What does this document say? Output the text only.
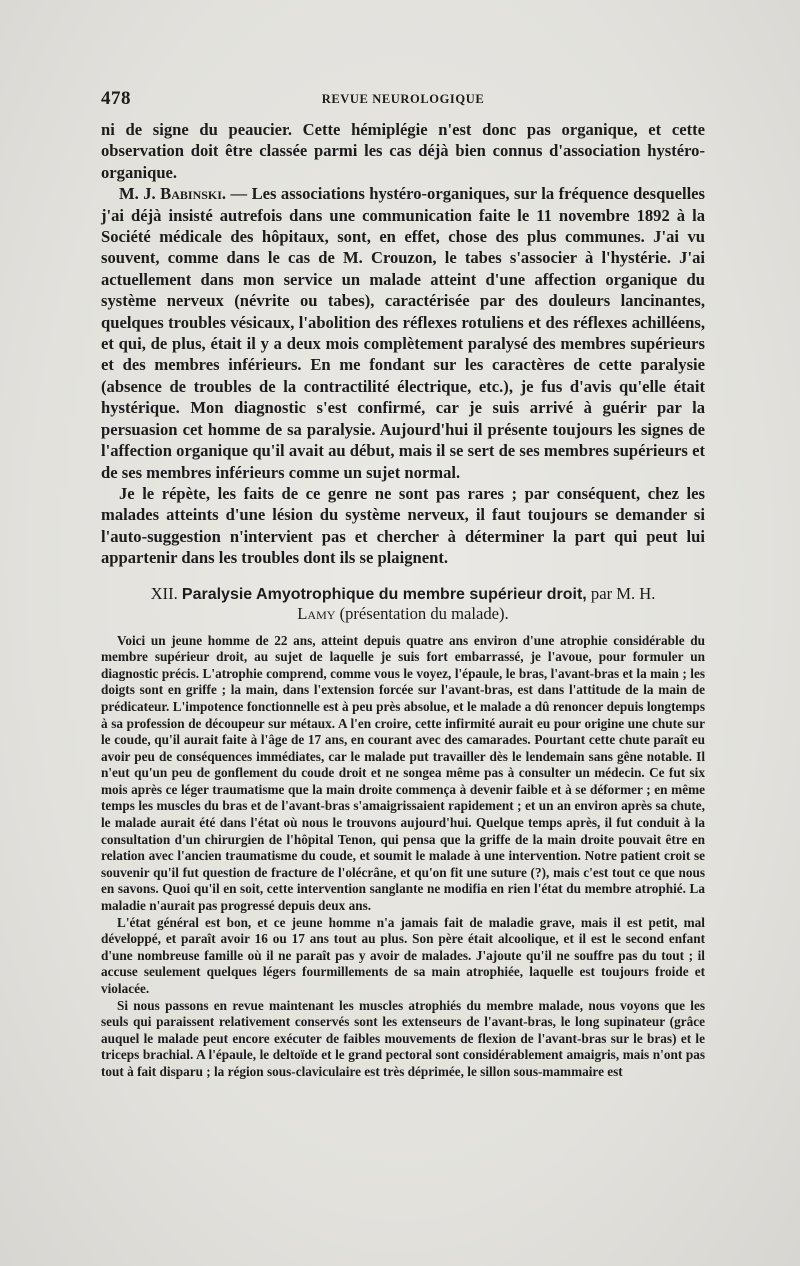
478	REVUE NEUROLOGIQUE

ni de signe du peaucier. Cette hémiplégie n'est donc pas organique, et cette observation doit être classée parmi les cas déjà bien connus d'association hystéro-organique.

M. J. Babinski. — Les associations hystéro-organiques, sur la fréquence desquelles j'ai déjà insisté autrefois dans une communication faite le 11 novembre 1892 à la Société médicale des hôpitaux, sont, en effet, chose des plus communes. J'ai vu souvent, comme dans le cas de M. Crouzon, le tabes s'associer à l'hystérie. J'ai actuellement dans mon service un malade atteint d'une affection organique du système nerveux (névrite ou tabes), caractérisée par des douleurs lancinantes, quelques troubles vésicaux, l'abolition des réflexes rotuliens et des réflexes achilléens, et qui, de plus, était il y a deux mois complètement paralysé des membres supérieurs et des membres inférieurs. En me fondant sur les caractères de cette paralysie (absence de troubles de la contractilité électrique, etc.), je fus d'avis qu'elle était hystérique. Mon diagnostic s'est confirmé, car je suis arrivé à guérir par la persuasion cet homme de sa paralysie. Aujourd'hui il présente toujours les signes de l'affection organique qu'il avait au début, mais il se sert de ses membres supérieurs et de ses membres inférieurs comme un sujet normal.

Je le répète, les faits de ce genre ne sont pas rares ; par conséquent, chez les malades atteints d'une lésion du système nerveux, il faut toujours se demander si l'auto-suggestion n'intervient pas et chercher à déterminer la part qui peut lui appartenir dans les troubles dont ils se plaignent.

XII. Paralysie Amyotrophique du membre supérieur droit, par M. H.
Lamy (présentation du malade).

Voici un jeune homme de 22 ans, atteint depuis quatre ans environ d'une atrophie considérable du membre supérieur droit, au sujet de laquelle je suis fort embarrassé, je l'avoue, pour formuler un diagnostic précis. L'atrophie comprend, comme vous le voyez, l'épaule, le bras, l'avant-bras et la main ; les doigts sont en griffe ; la main, dans l'extension forcée sur l'avant-bras, est dans l'attitude de la main de prédicateur. L'impotence fonctionnelle est à peu près absolue, et le malade a dû renoncer depuis longtemps à sa profession de découpeur sur métaux. A l'en croire, cette infirmité aurait eu pour origine une chute sur le coude, qu'il aurait faite à l'âge de 17 ans, en courant avec des camarades. Pourtant cette chute paraît eu avoir peu de conséquences immédiates, car le malade put travailler dès le lendemain sans gêne notable. Il n'eut qu'un peu de gonflement du coude droit et ne songea même pas à consulter un médecin. Ce fut six mois après ce léger traumatisme que la main droite commença à devenir faible et à se déformer ; en même temps les muscles du bras et de l'avant-bras s'amaigrissaient rapidement ; et un an environ après sa chute, le malade aurait été dans l'état où nous le trouvons aujourd'hui. Quelque temps après, il fut conduit à la consultation d'un chirurgien de l'hôpital Tenon, qui pensa que la griffe de la main droite pouvait être en relation avec l'ancien traumatisme du coude, et soumit le malade à une intervention. Notre patient croit se souvenir qu'il fut question de fracture de l'olécrâne, et qu'on fit une suture (?), mais c'est tout ce que nous en savons. Quoi qu'il en soit, cette intervention sanglante ne modifia en rien l'état du membre atrophié. La maladie n'aurait pas progressé depuis deux ans.

L'état général est bon, et ce jeune homme n'a jamais fait de maladie grave, mais il est petit, mal développé, et paraît avoir 16 ou 17 ans tout au plus. Son père était alcoolique, et il est le second enfant d'une nombreuse famille où il ne paraît pas y avoir de malades. J'ajoute qu'il ne souffre pas du tout ; il accuse seulement quelques légers fourmillements de sa main atrophiée, laquelle est toujours froide et violacée.

Si nous passons en revue maintenant les muscles atrophiés du membre malade, nous voyons que les seuls qui paraissent relativement conservés sont les extenseurs de l'avant-bras, le long supinateur (grâce auquel le malade peut encore exécuter de faibles mouvements de flexion de l'avant-bras sur le bras) et le triceps brachial. A l'épaule, le deltoïde et le grand pectoral sont considérablement amaigris, mais n'ont pas tout à fait disparu ; la région sous-claviculaire est très déprimée, le sillon sous-mammaire est
